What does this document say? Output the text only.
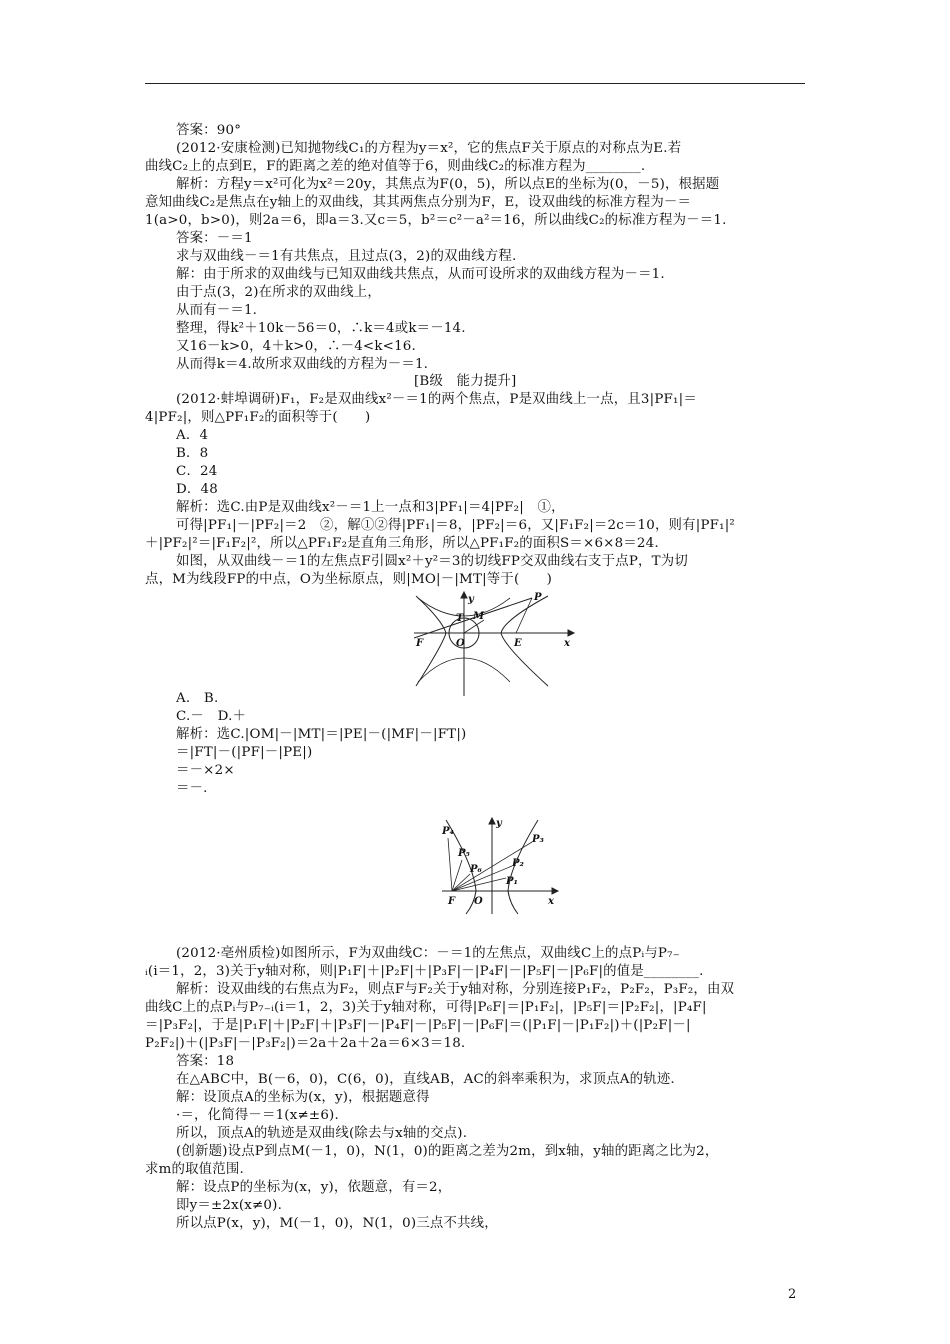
答案：90°
(2012·安康检测)已知抛物线C₁的方程为y＝x²，它的焦点F关于原点的对称点为E.若
曲线C₂上的点到E，F的距离之差的绝对值等于6，则曲线C₂的标准方程为________.
解析：方程y＝x²可化为x²＝20y，其焦点为F(0，5)，所以点E的坐标为(0，－5)，根据题
意知曲线C₂是焦点在y轴上的双曲线，其其两焦点分别为F，E，设双曲线的标准方程为－＝
1(a>0，b>0)，则2a＝6，即a＝3.又c＝5，b²＝c²－a²＝16，所以曲线C₂的标准方程为－＝1.
答案：－＝1
求与双曲线－＝1有共焦点，且过点(3，2)的双曲线方程.
解：由于所求的双曲线与已知双曲线共焦点，从而可设所求的双曲线方程为－＝1.
由于点(3，2)在所求的双曲线上，
从而有－＝1.
整理，得k²＋10k－56＝0，∴k＝4或k＝－14.
又16－k>0，4＋k>0，∴－4<k<16.
从而得k＝4.故所求双曲线的方程为－＝1.
[B级　能力提升]
(2012·蚌埠调研)F₁，F₂是双曲线x²－＝1的两个焦点，P是双曲线上一点，且3|PF₁|＝
4|PF₂|，则△PF₁F₂的面积等于(　　)
A．4
B．8
C．24
D．48
解析：选C.由P是双曲线x²－＝1上一点和3|PF₁|＝4|PF₂|　①，
可得|PF₁|－|PF₂|＝2　②，解①②得|PF₁|＝8，|PF₂|＝6，又|F₁F₂|＝2c＝10，则有|PF₁|²
＋|PF₂|²＝|F₁F₂|²，所以△PF₁F₂是直角三角形，所以△PF₁F₂的面积S＝×6×8＝24.
如图，从双曲线－＝1的左焦点F引圆x²＋y²＝3的切线FP交双曲线右支于点P，T为切
点，M为线段FP的中点，O为坐标原点，则|MO|－|MT|等于(　　)
y
T M
P
F	O	E	x
A.　B.
C.－　D.＋
解析：选C.|OM|－|MT|＝|PE|－(|MF|－|FT|)
＝|FT|－(|PF|－|PE|)
＝－×2×
＝－.
P₄
P₅
P₆
P₃
P₂
P₁
y
F O	x
(2012·亳州质检)如图所示，F为双曲线C：－＝1的左焦点，双曲线C上的点Pᵢ与P₇₋
ᵢ(i＝1，2，3)关于y轴对称，则|P₁F|＋|P₂F|＋|P₃F|－|P₄F|－|P₅F|－|P₆F|的值是________.
解析：设双曲线的右焦点为F₂，则点F与F₂关于y轴对称，分别连接P₁F₂，P₂F₂，P₃F₂，由双
曲线C上的点Pᵢ与P₇₋ᵢ(i＝1，2，3)关于y轴对称，可得|P₆F|＝|P₁F₂|，|P₅F|＝|P₂F₂|，|P₄F|
＝|P₃F₂|，于是|P₁F|＋|P₂F|＋|P₃F|－|P₄F|－|P₅F|－|P₆F|＝(|P₁F|－|P₁F₂|)＋(|P₂F|－|
P₂F₂|)＋(|P₃F|－|P₃F₂|)＝2a＋2a＋2a＝6×3＝18.
答案：18
在△ABC中，B(－6，0)，C(6，0)，直线AB，AC的斜率乘积为，求顶点A的轨迹.
解：设顶点A的坐标为(x，y)，根据题意得
·＝，化简得－＝1(x≠±6).
所以，顶点A的轨迹是双曲线(除去与x轴的交点).
(创新题)设点P到点M(－1，0)，N(1，0)的距离之差为2m，到x轴，y轴的距离之比为2，
求m的取值范围.
解：设点P的坐标为(x，y)，依题意，有＝2，
即y＝±2x(x≠0).
所以点P(x，y)，M(－1，0)，N(1，0)三点不共线，
2
